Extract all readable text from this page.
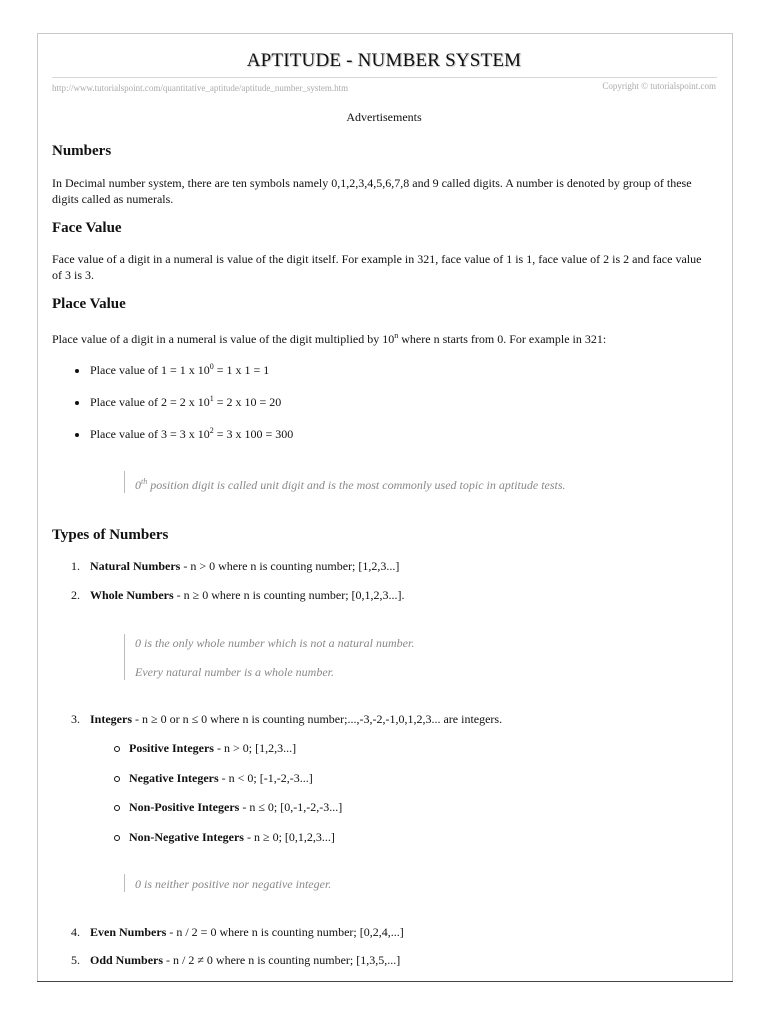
APTITUDE - NUMBER SYSTEM
http://www.tutorialspoint.com/quantitative_aptitude/aptitude_number_system.htm	Copyright © tutorialspoint.com
Advertisements
Numbers

In Decimal number system, there are ten symbols namely 0,1,2,3,4,5,6,7,8 and 9 called digits. A number is denoted by group of these digits called as numerals.

Face Value

Face value of a digit in a numeral is value of the digit itself. For example in 321, face value of 1 is 1, face value of 2 is 2 and face value of 3 is 3.

Place Value

Place value of a digit in a numeral is value of the digit multiplied by 10$^n$ where n starts from 0. For example in 321:

Place value of 1 = 1 x $10^0 = 1$ x 1 = 1
Place value of 2 = 2 x $10^1 = 2$ x 10 = 20
Place value of 3 = 3 x $10^2 = 3$ x 100 = 300
0th position digit is called unit digit and is the most commonly used topic in aptitude tests.
Types of Numbers
1. Natural Numbers - n > 0 where n is counting number; [1,2,3...]
2. Whole Numbers - n ≥ 0 where n is counting number; [0,1,2,3...].
0 is the only whole number which is not a natural number.
Every natural number is a whole number.
3. Integers - n ≥ 0 or n ≤ 0 where n is counting number;...,-3,-2,-1,0,1,2,3... are integers.
Positive Integers - n > 0; [1,2,3...]
Negative Integers - n < 0; [-1,-2,-3...]
Non-Positive Integers - n ≤ 0; [0,-1,-2,-3...]
Non-Negative Integers - n ≥ 0; [0,1,2,3...]
0 is neither positive nor negative integer.
4. Even Numbers - n / 2 = 0 where n is counting number; [0,2,4,...]
5. Odd Numbers - n / 2 ≠ 0 where n is counting number; [1,3,5,...]
